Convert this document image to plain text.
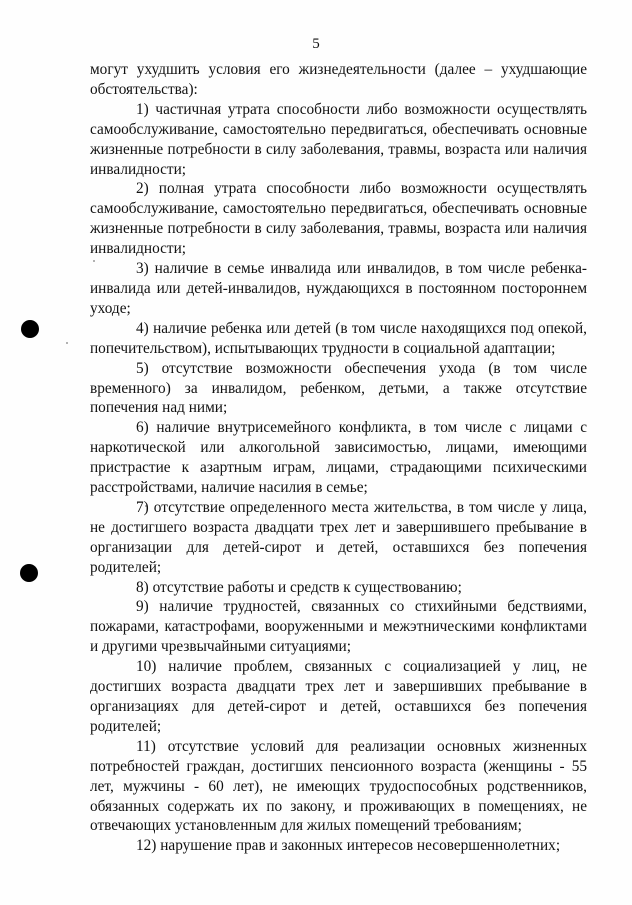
5

могут ухудшить условия его жизнедеятельности (далее – ухудшающие обстоятельства):

1) частичная утрата способности либо возможности осуществлять самообслуживание, самостоятельно передвигаться, обеспечивать основные жизненные потребности в силу заболевания, травмы, возраста или наличия инвалидности;

2) полная утрата способности либо возможности осуществлять самообслуживание, самостоятельно передвигаться, обеспечивать основные жизненные потребности в силу заболевания, травмы, возраста или наличия инвалидности;

3) наличие в семье инвалида или инвалидов, в том числе ребенка-инвалида или детей-инвалидов, нуждающихся в постоянном постороннем уходе;

4) наличие ребенка или детей (в том числе находящихся под опекой, попечительством), испытывающих трудности в социальной адаптации;

5) отсутствие возможности обеспечения ухода (в том числе временного) за инвалидом, ребенком, детьми, а также отсутствие попечения над ними;

6) наличие внутрисемейного конфликта, в том числе с лицами с наркотической или алкогольной зависимостью, лицами, имеющими пристрастие к азартным играм, лицами, страдающими психическими расстройствами, наличие насилия в семье;

7) отсутствие определенного места жительства, в том числе у лица, не достигшего возраста двадцати трех лет и завершившего пребывание в организации для детей-сирот и детей, оставшихся без попечения родителей;

8) отсутствие работы и средств к существованию;

9) наличие трудностей, связанных со стихийными бедствиями, пожарами, катастрофами, вооруженными и межэтническими конфликтами и другими чрезвычайными ситуациями;

10) наличие проблем, связанных с социализацией у лиц, не достигших возраста двадцати трех лет и завершивших пребывание в организациях для детей-сирот и детей, оставшихся без попечения родителей;

11) отсутствие условий для реализации основных жизненных потребностей граждан, достигших пенсионного возраста (женщины - 55 лет, мужчины - 60 лет), не имеющих трудоспособных родственников, обязанных содержать их по закону, и проживающих в помещениях, не отвечающих установленным для жилых помещений требованиям;

12) нарушение прав и законных интересов несовершеннолетних;
